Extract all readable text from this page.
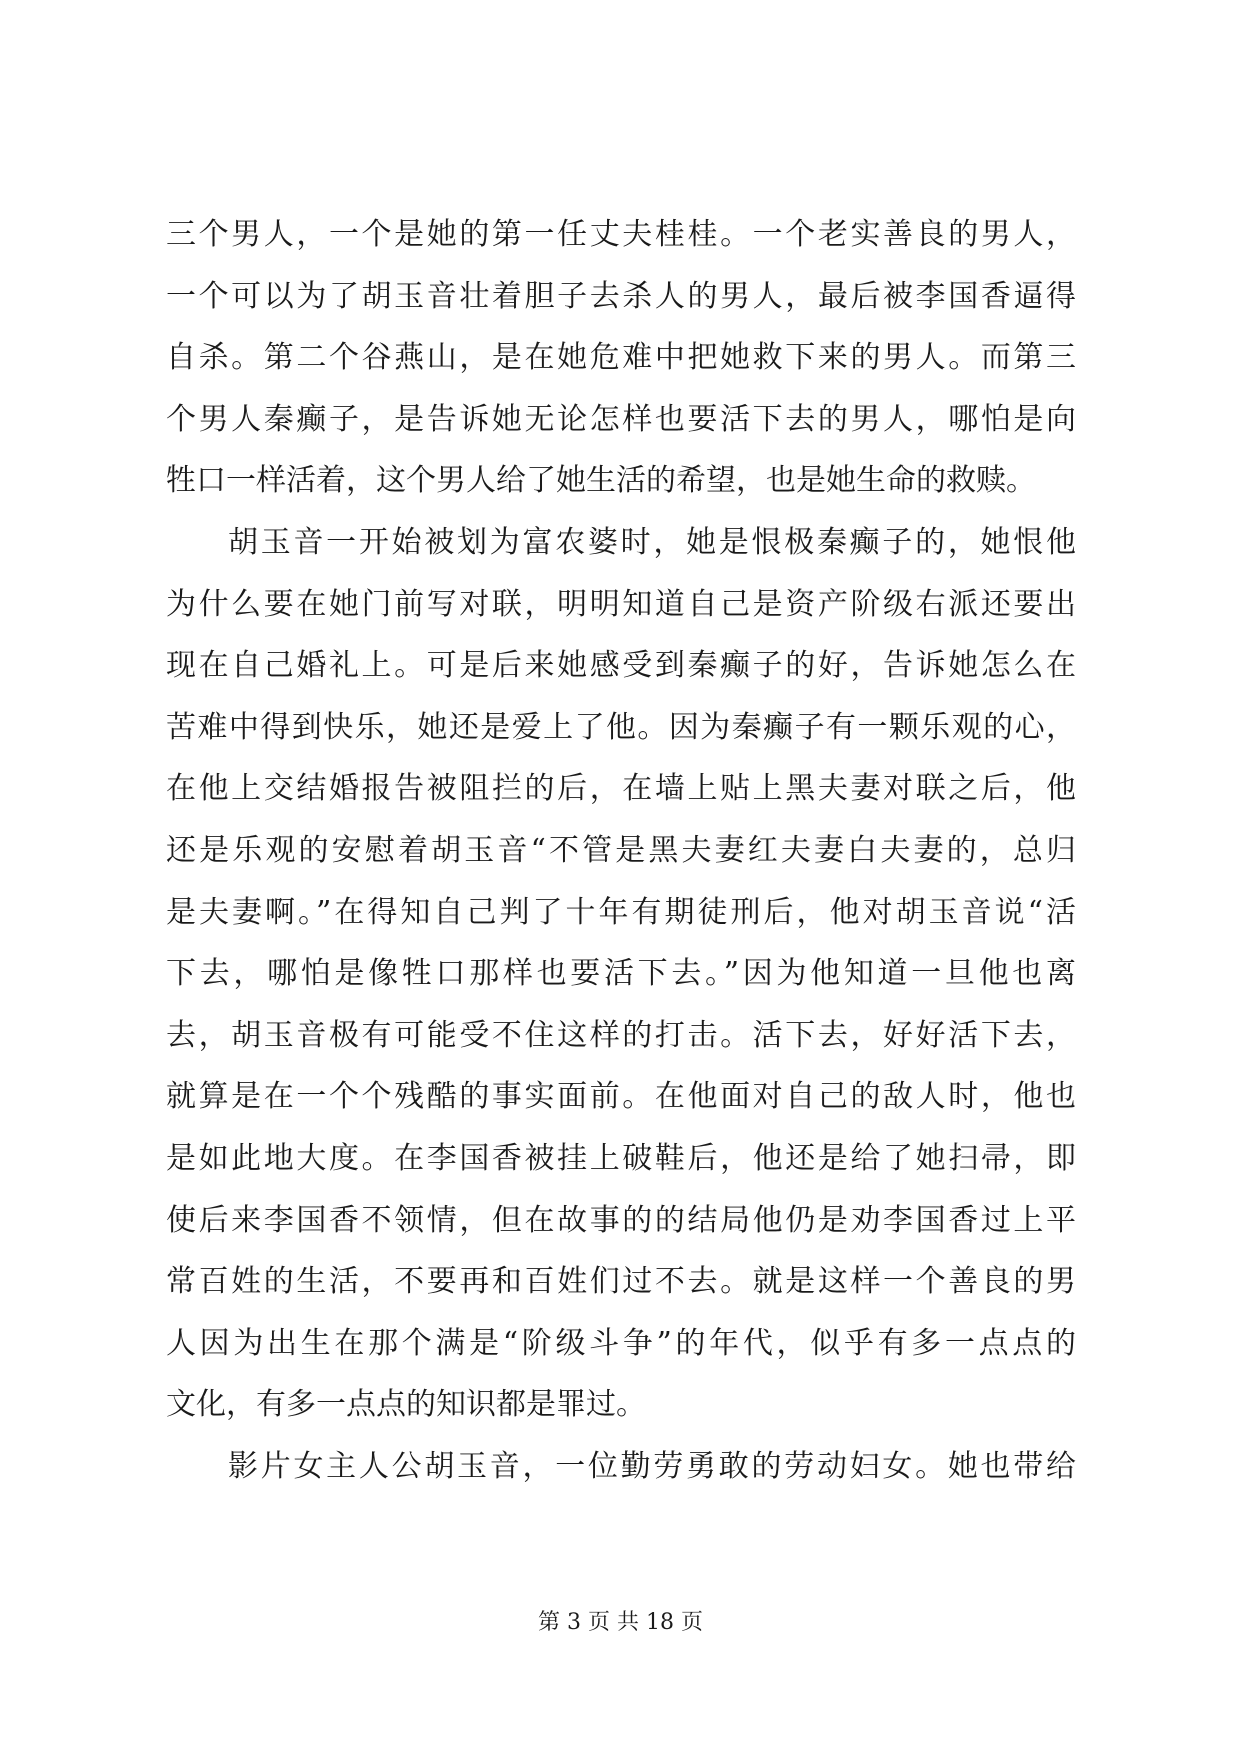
三个男人，一个是她的第一任丈夫桂桂。一个老实善良的男人，
一个可以为了胡玉音壮着胆子去杀人的男人，最后被李国香逼得
自杀。第二个谷燕山，是在她危难中把她救下来的男人。而第三
个男人秦癫子，是告诉她无论怎样也要活下去的男人，哪怕是向
牲口一样活着，这个男人给了她生活的希望，也是她生命的救赎。
胡玉音一开始被划为富农婆时，她是恨极秦癫子的，她恨他
为什么要在她门前写对联，明明知道自己是资产阶级右派还要出
现在自己婚礼上。可是后来她感受到秦癫子的好，告诉她怎么在
苦难中得到快乐，她还是爱上了他。因为秦癫子有一颗乐观的心，
在他上交结婚报告被阻拦的后，在墙上贴上黑夫妻对联之后，他
还是乐观的安慰着胡玉音“不管是黑夫妻红夫妻白夫妻的，总归
是夫妻啊。”在得知自己判了十年有期徒刑后，他对胡玉音说“活
下去，哪怕是像牲口那样也要活下去。”因为他知道一旦他也离
去，胡玉音极有可能受不住这样的打击。活下去，好好活下去，
就算是在一个个残酷的事实面前。在他面对自己的敌人时，他也
是如此地大度。在李国香被挂上破鞋后，他还是给了她扫帚，即
使后来李国香不领情，但在故事的的结局他仍是劝李国香过上平
常百姓的生活，不要再和百姓们过不去。就是这样一个善良的男
人因为出生在那个满是“阶级斗争”的年代，似乎有多一点点的
文化，有多一点点的知识都是罪过。
影片女主人公胡玉音，一位勤劳勇敢的劳动妇女。她也带给
第 3 页 共 18 页
